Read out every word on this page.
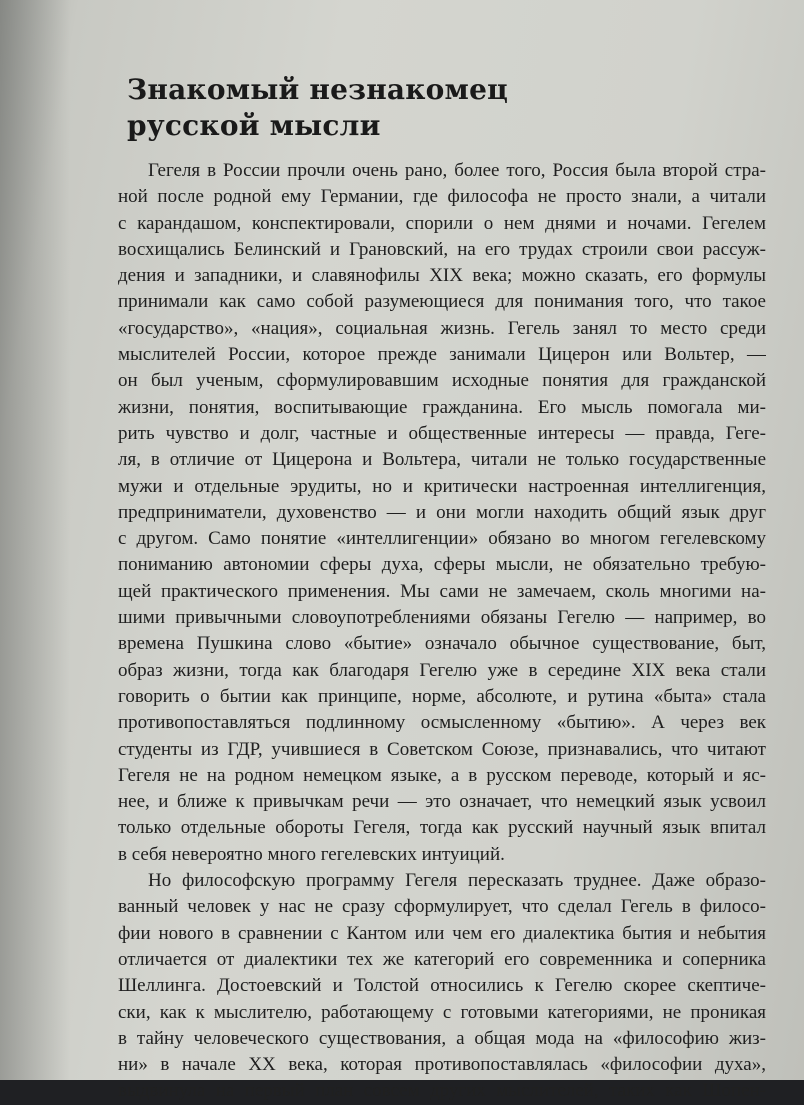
Знакомый незнакомец
русской мысли
Гегеля в России прочли очень рано, более того, Россия была второй стра-
ной после родной ему Германии, где философа не просто знали, а читали
с карандашом, конспектировали, спорили о нем днями и ночами. Гегелем
восхищались Белинский и Грановский, на его трудах строили свои рассуж-
дения и западники, и славянофилы XIX века; можно сказать, его формулы
принимали как само собой разумеющиеся для понимания того, что такое
«государство», «нация», социальная жизнь. Гегель занял то место среди
мыслителей России, которое прежде занимали Цицерон или Вольтер, —
он был ученым, сформулировавшим исходные понятия для гражданской
жизни, понятия, воспитывающие гражданина. Его мысль помогала ми-
рить чувство и долг, частные и общественные интересы — правда, Геге-
ля, в отличие от Цицерона и Вольтера, читали не только государственные
мужи и отдельные эрудиты, но и критически настроенная интеллигенция,
предприниматели, духовенство — и они могли находить общий язык друг
с другом. Само понятие «интеллигенции» обязано во многом гегелевскому
пониманию автономии сферы духа, сферы мысли, не обязательно требую-
щей практического применения. Мы сами не замечаем, сколь многими на-
шими привычными словоупотреблениями обязаны Гегелю — например, во
времена Пушкина слово «бытие» означало обычное существование, быт,
образ жизни, тогда как благодаря Гегелю уже в середине XIX века стали
говорить о бытии как принципе, норме, абсолюте, и рутина «быта» стала
противопоставляться подлинному осмысленному «бытию». А через век
студенты из ГДР, учившиеся в Советском Союзе, признавались, что читают
Гегеля не на родном немецком языке, а в русском переводе, который и яс-
нее, и ближе к привычкам речи — это означает, что немецкий язык усвоил
только отдельные обороты Гегеля, тогда как русский научный язык впитал
в себя невероятно много гегелевских интуиций.
Но философскую программу Гегеля пересказать труднее. Даже образо-
ванный человек у нас не сразу сформулирует, что сделал Гегель в филосо-
фии нового в сравнении с Кантом или чем его диалектика бытия и небытия
отличается от диалектики тех же категорий его современника и соперника
Шеллинга. Достоевский и Толстой относились к Гегелю скорее скептиче-
ски, как к мыслителю, работающему с готовыми категориями, не проникая
в тайну человеческого существования, а общая мода на «философию жиз-
ни» в начале XX века, которая противопоставлялась «философии духа»,
выдвинула на первый план совсем других мыслителей, таких как Шопен-
